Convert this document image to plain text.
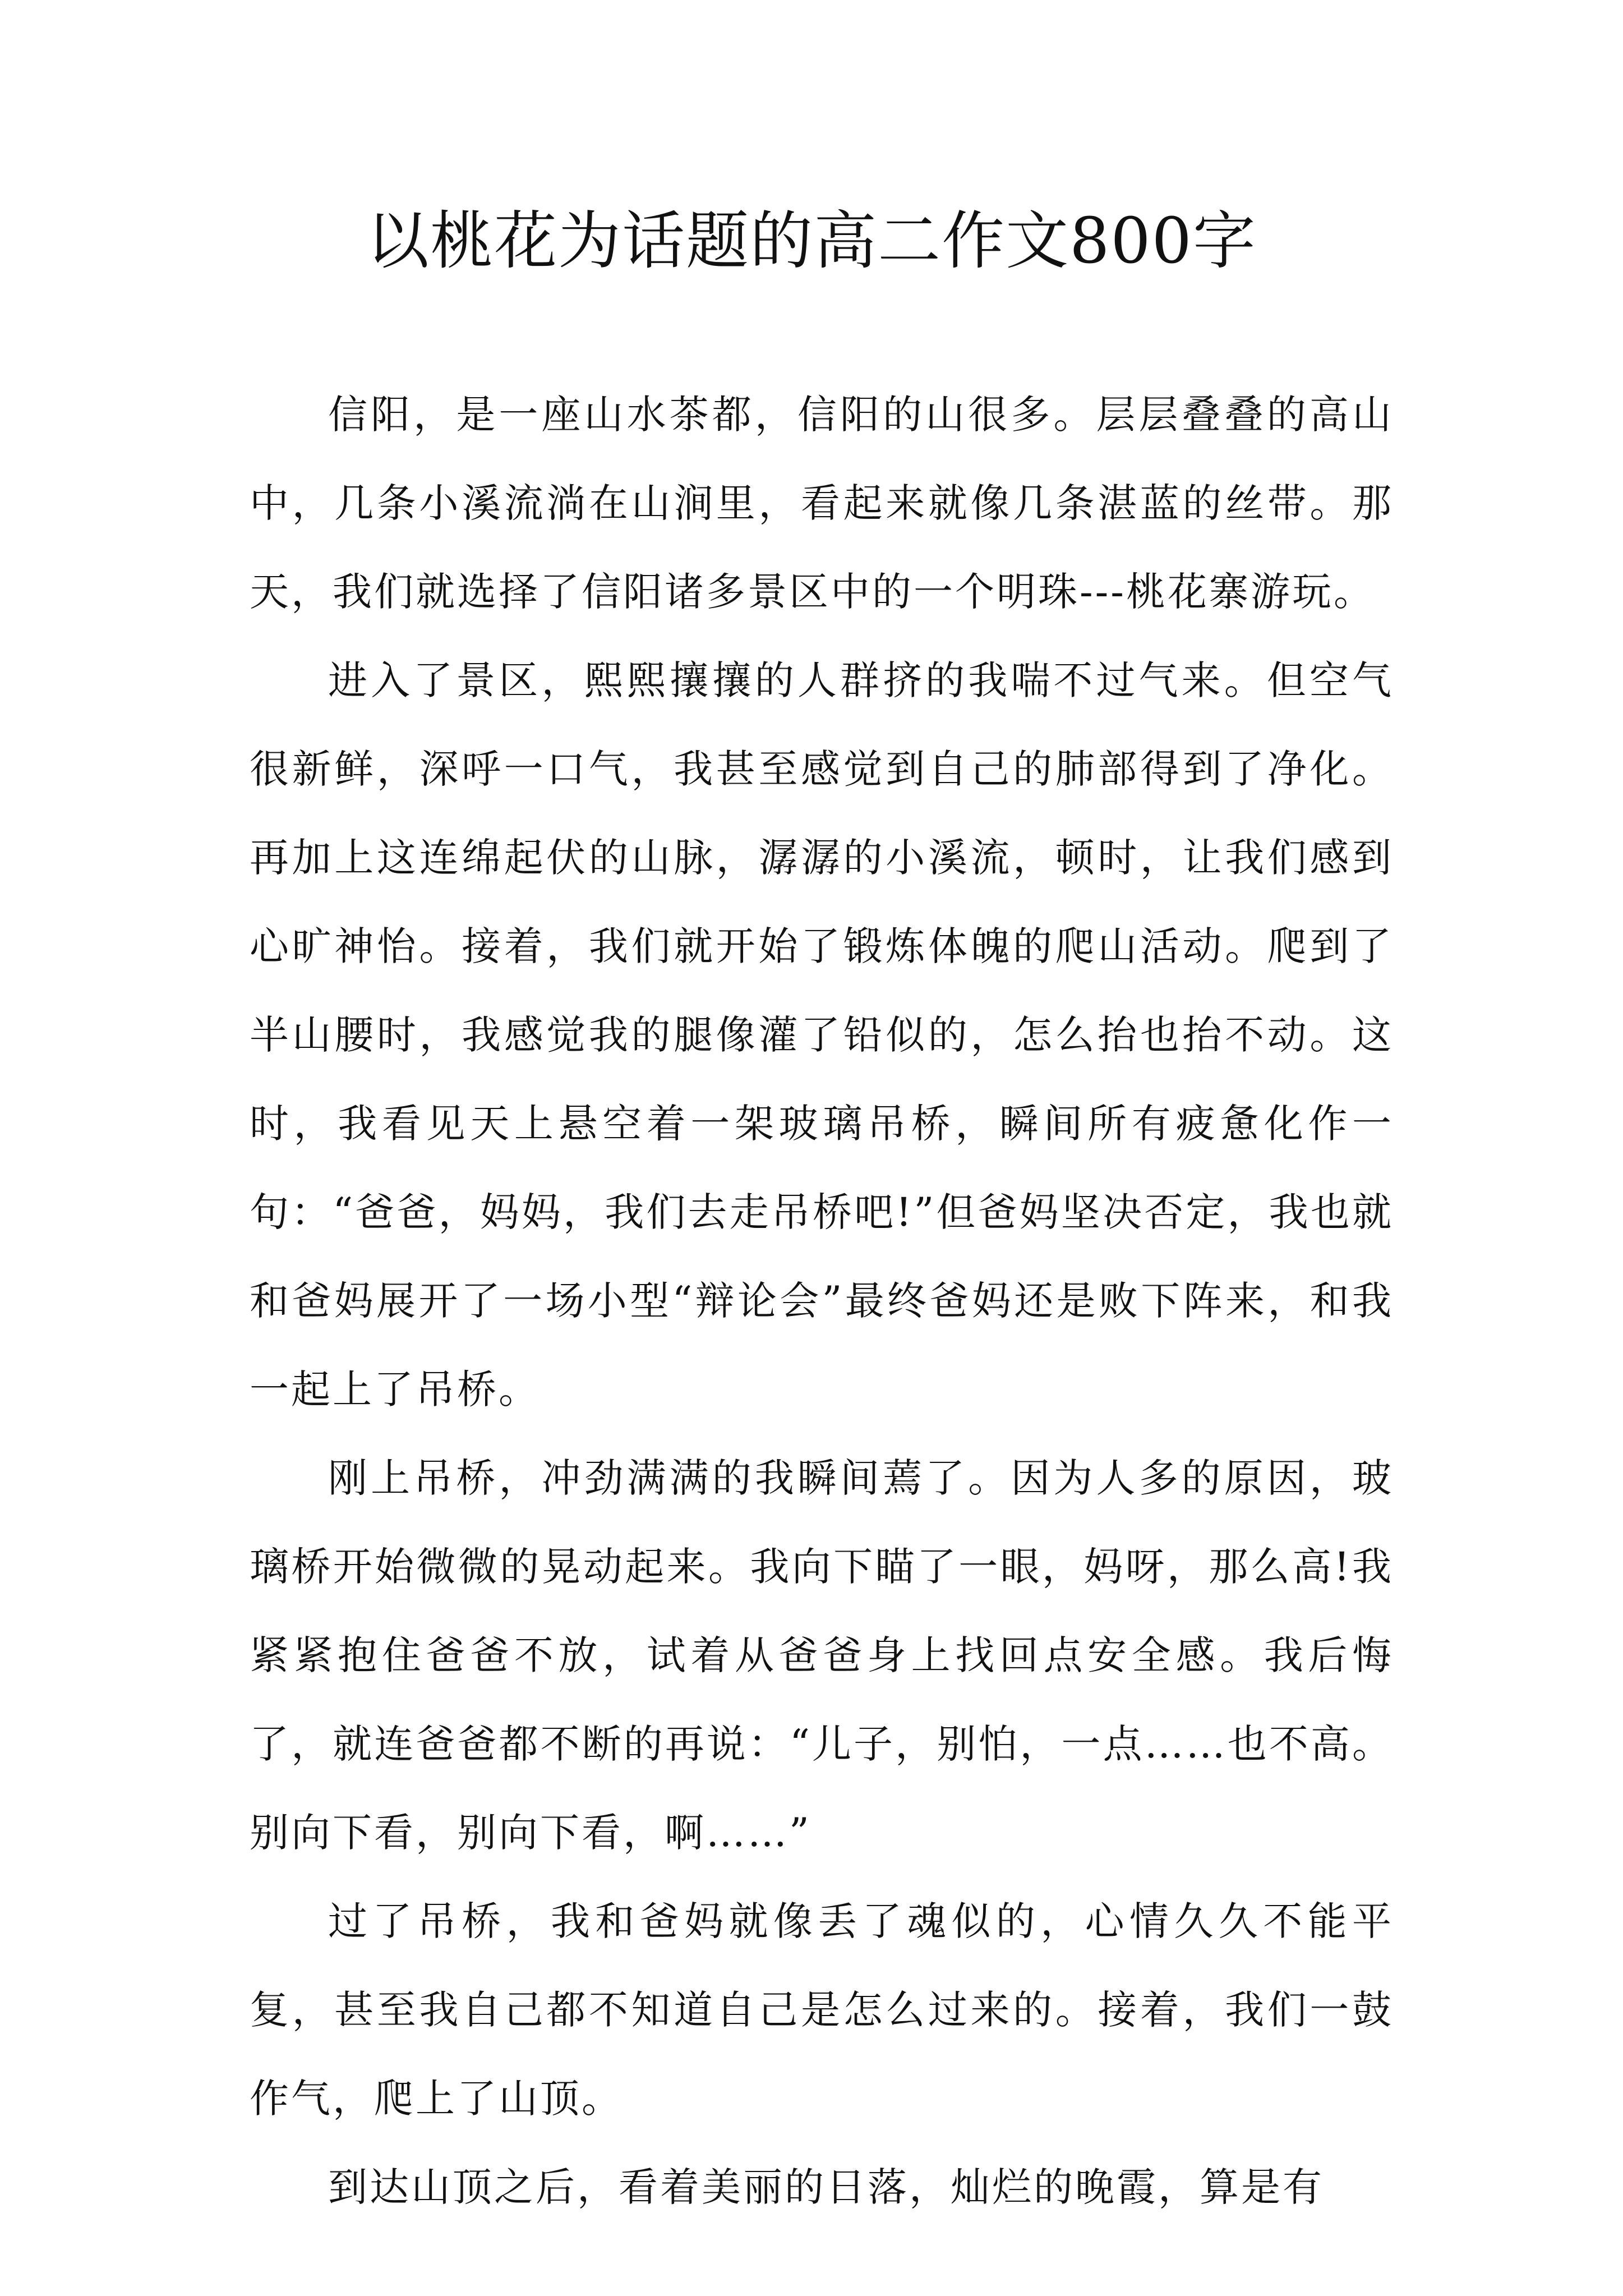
以桃花为话题的高二作文800字

信阳，是一座山水茶都，信阳的山很多。层层叠叠的高山中，几条小溪流淌在山涧里，看起来就像几条湛蓝的丝带。那天，我们就选择了信阳诸多景区中的一个明珠---桃花寨游玩。

进入了景区，熙熙攘攘的人群挤的我喘不过气来。但空气很新鲜，深呼一口气，我甚至感觉到自己的肺部得到了净化。再加上这连绵起伏的山脉，潺潺的小溪流，顿时，让我们感到心旷神怡。接着，我们就开始了锻炼体魄的爬山活动。爬到了半山腰时，我感觉我的腿像灌了铅似的，怎么抬也抬不动。这时，我看见天上悬空着一架玻璃吊桥，瞬间所有疲惫化作一句：“爸爸，妈妈，我们去走吊桥吧!”但爸妈坚决否定，我也就和爸妈展开了一场小型“辩论会”最终爸妈还是败下阵来，和我一起上了吊桥。

刚上吊桥，冲劲满满的我瞬间蔫了。因为人多的原因，玻璃桥开始微微的晃动起来。我向下瞄了一眼，妈呀，那么高!我紧紧抱住爸爸不放，试着从爸爸身上找回点安全感。我后悔了，就连爸爸都不断的再说：“儿子，别怕，一点……也不高。别向下看，别向下看，啊……”

过了吊桥，我和爸妈就像丢了魂似的，心情久久不能平复，甚至我自己都不知道自己是怎么过来的。接着，我们一鼓作气，爬上了山顶。

到达山顶之后，看着美丽的日落，灿烂的晚霞，算是有
